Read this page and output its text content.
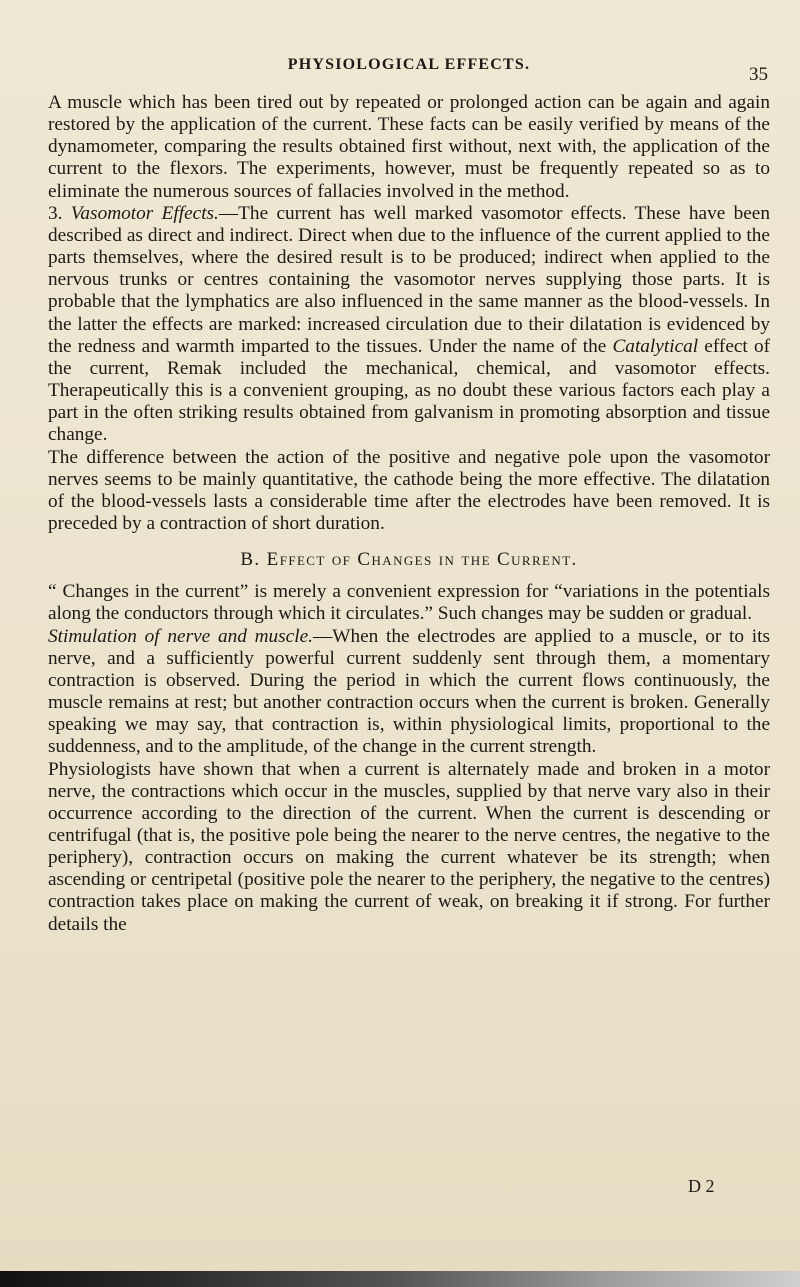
PHYSIOLOGICAL EFFECTS.	35

A muscle which has been tired out by repeated or prolonged action can be again and again restored by the application of the current. These facts can be easily verified by means of the dynamometer, comparing the results obtained first without, next with, the application of the current to the flexors. The experiments, however, must be frequently repeated so as to eliminate the numerous sources of fallacies involved in the method.

3. Vasomotor Effects.—The current has well marked vasomotor effects. These have been described as direct and indirect. Direct when due to the influence of the current applied to the parts themselves, where the desired result is to be produced; indirect when applied to the nervous trunks or centres containing the vasomotor nerves supplying those parts. It is probable that the lymphatics are also influenced in the same manner as the blood-vessels. In the latter the effects are marked: increased circulation due to their dilatation is evidenced by the redness and warmth imparted to the tissues. Under the name of the Catalytical effect of the current, Remak included the mechanical, chemical, and vasomotor effects. Therapeutically this is a convenient grouping, as no doubt these various factors each play a part in the often striking results obtained from galvanism in promoting absorption and tissue change.

The difference between the action of the positive and negative pole upon the vasomotor nerves seems to be mainly quantitative, the cathode being the more effective. The dilatation of the blood-vessels lasts a considerable time after the electrodes have been removed. It is preceded by a contraction of short duration.

B. Effect of Changes in the Current.

“ Changes in the current” is merely a convenient expression for “variations in the potentials along the conductors through which it circulates.” Such changes may be sudden or gradual.

Stimulation of nerve and muscle.—When the electrodes are applied to a muscle, or to its nerve, and a sufficiently powerful current suddenly sent through them, a momentary contraction is observed. During the period in which the current flows continuously, the muscle remains at rest; but another contraction occurs when the current is broken. Generally speaking we may say, that contraction is, within physiological limits, proportional to the suddenness, and to the amplitude, of the change in the current strength.

Physiologists have shown that when a current is alternately made and broken in a motor nerve, the contractions which occur in the muscles, supplied by that nerve vary also in their occurrence according to the direction of the current. When the current is descending or centrifugal (that is, the positive pole being the nearer to the nerve centres, the negative to the periphery), contraction occurs on making the current whatever be its strength; when ascending or centripetal (positive pole the nearer to the periphery, the negative to the centres) contraction takes place on making the current of weak, on breaking it if strong. For further details the

D 2
